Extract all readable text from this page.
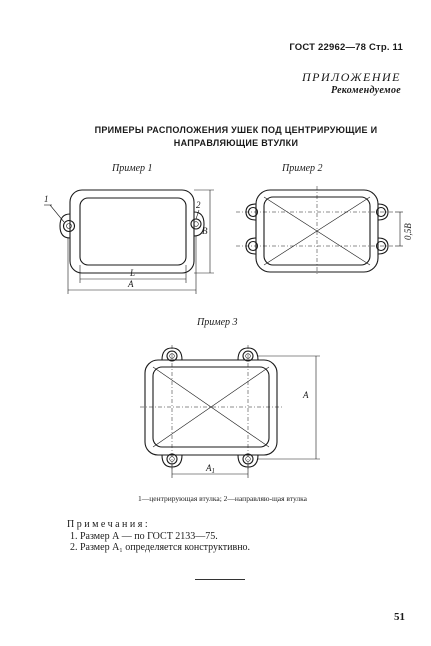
ГОСТ 22962—78 Стр. 11
ПРИЛОЖЕНИЕ
Рекомендуемое
ПРИМЕРЫ РАСПОЛОЖЕНИЯ УШЕК ПОД ЦЕНТРИРУЮЩИЕ И
НАПРАВЛЯЮЩИЕ ВТУЛКИ
Пример 1	Пример 2
Пример 3
1
2
В
L
А
0,5В
А
$А_1$
1—центрирующая втулка; 2—направляю-щая втулка
Примечания:
1. Размер А — по ГОСТ 2133—75.
2. Размер А₁ определяется конструктивно.
51
